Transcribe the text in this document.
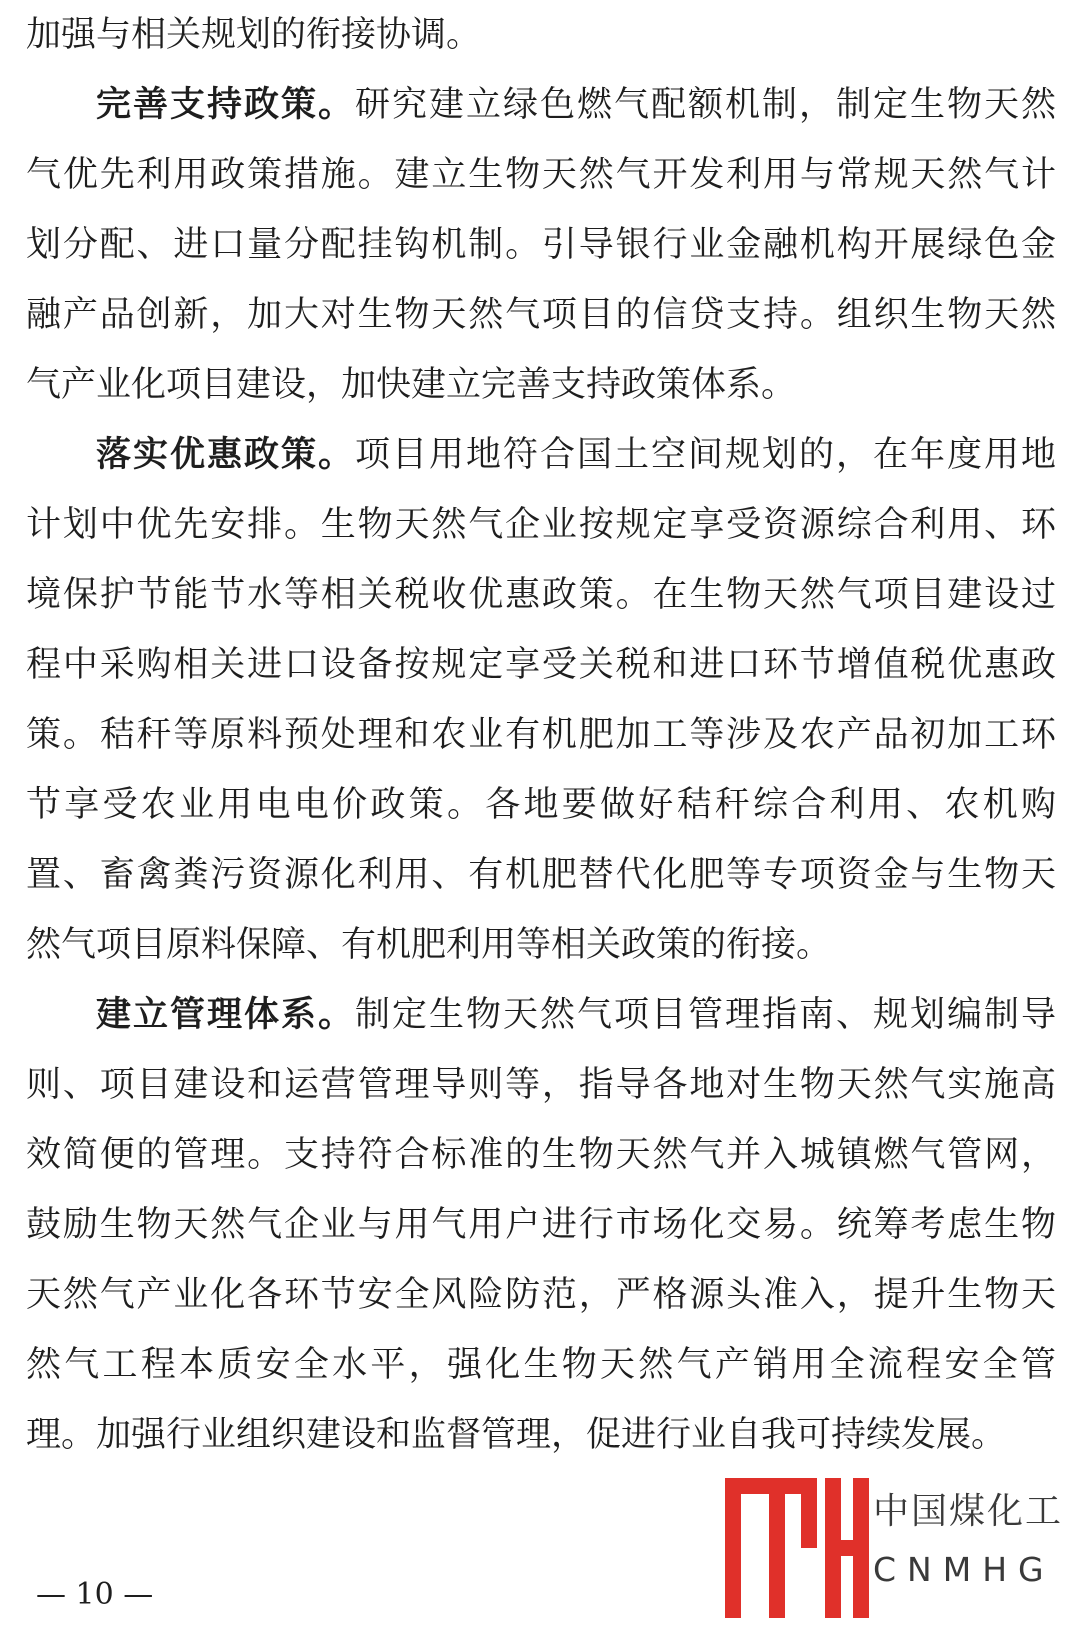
加强与相关规划的衔接协调。
完善支持政策。研究建立绿色燃气配额机制，制定生物天然
气优先利用政策措施。建立生物天然气开发利用与常规天然气计
划分配、进口量分配挂钩机制。引导银行业金融机构开展绿色金
融产品创新，加大对生物天然气项目的信贷支持。组织生物天然
气产业化项目建设，加快建立完善支持政策体系。
落实优惠政策。项目用地符合国土空间规划的，在年度用地
计划中优先安排。生物天然气企业按规定享受资源综合利用、环
境保护节能节水等相关税收优惠政策。在生物天然气项目建设过
程中采购相关进口设备按规定享受关税和进口环节增值税优惠政
策。秸秆等原料预处理和农业有机肥加工等涉及农产品初加工环
节享受农业用电电价政策。各地要做好秸秆综合利用、农机购
置、畜禽粪污资源化利用、有机肥替代化肥等专项资金与生物天
然气项目原料保障、有机肥利用等相关政策的衔接。
建立管理体系。制定生物天然气项目管理指南、规划编制导
则、项目建设和运营管理导则等，指导各地对生物天然气实施高
效简便的管理。支持符合标准的生物天然气并入城镇燃气管网，
鼓励生物天然气企业与用气用户进行市场化交易。统筹考虑生物
天然气产业化各环节安全风险防范，严格源头准入，提升生物天
然气工程本质安全水平，强化生物天然气产销用全流程安全管
理。加强行业组织建设和监督管理，促进行业自我可持续发展。
— 10 —
中国煤化工
CNMHG
